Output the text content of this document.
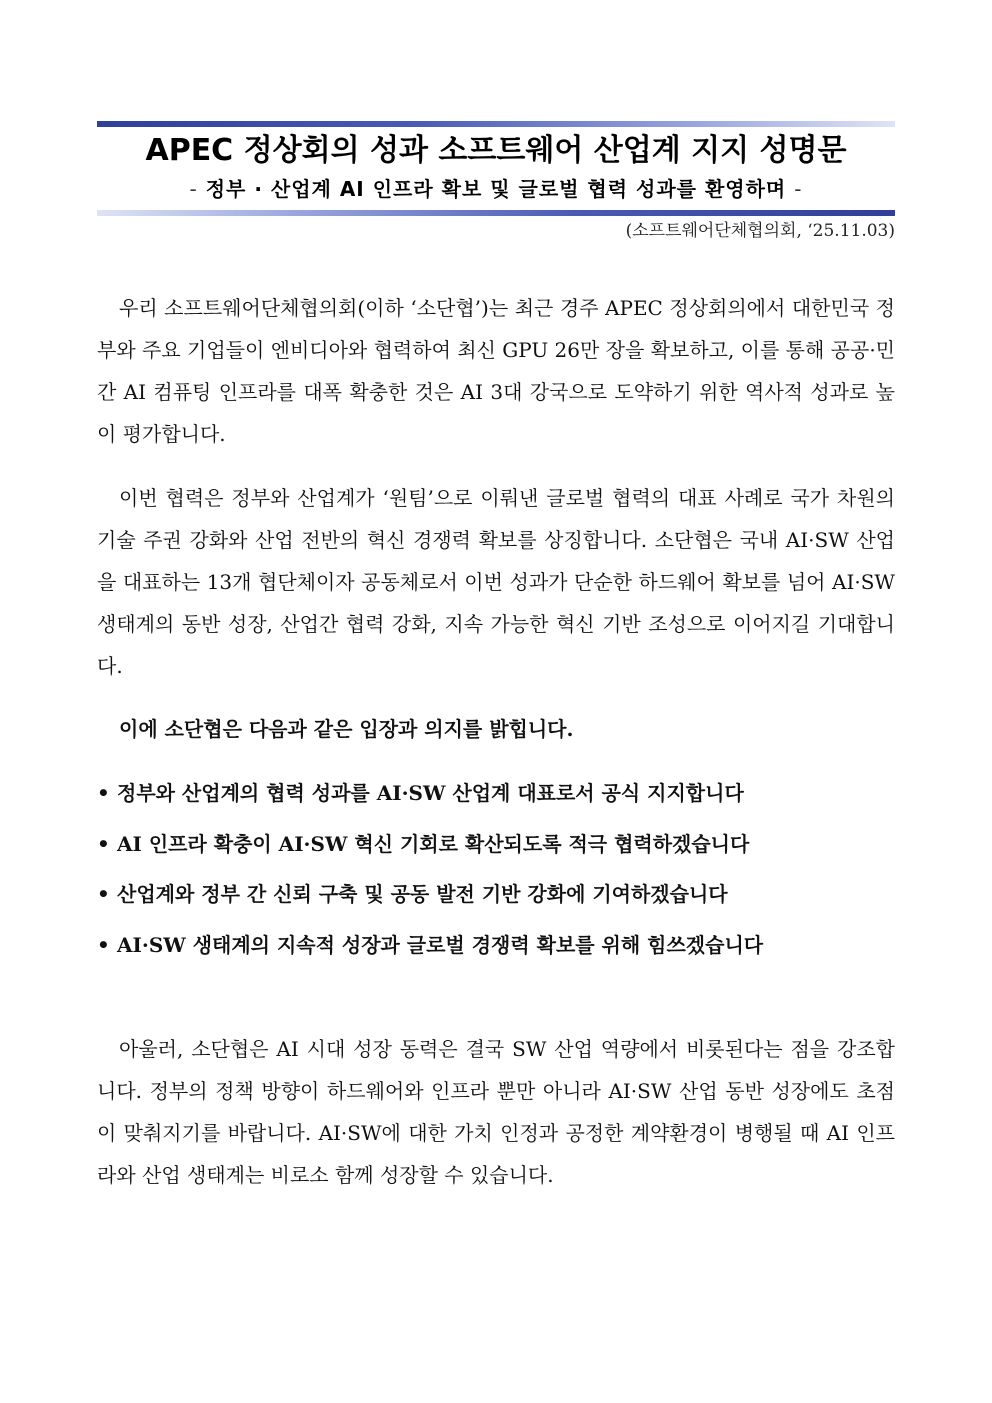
APEC 정상회의 성과 소프트웨어 산업계 지지 성명문
- 정부 · 산업계 AI 인프라 확보 및 글로벌 협력 성과를 환영하며 -
(소프트웨어단체협의회, ‘25.11.03)

우리 소프트웨어단체협의회(이하 ‘소단협’)는 최근 경주 APEC 정상회의에서 대한민국 정부와 주요 기업들이 엔비디아와 협력하여 최신 GPU 26만 장을 확보하고, 이를 통해 공공·민간 AI 컴퓨팅 인프라를 대폭 확충한 것은 AI 3대 강국으로 도약하기 위한 역사적 성과로 높이 평가합니다.

이번 협력은 정부와 산업계가 ‘원팀’으로 이뤄낸 글로벌 협력의 대표 사례로 국가 차원의 기술 주권 강화와 산업 전반의 혁신 경쟁력 확보를 상징합니다. 소단협은 국내 AI·SW 산업을 대표하는 13개 협단체이자 공동체로서 이번 성과가 단순한 하드웨어 확보를 넘어 AI·SW 생태계의 동반 성장, 산업간 협력 강화, 지속 가능한 혁신 기반 조성으로 이어지길 기대합니다.

이에 소단협은 다음과 같은 입장과 의지를 밝힙니다.
• 정부와 산업계의 협력 성과를 AI·SW 산업계 대표로서 공식 지지합니다
• AI 인프라 확충이 AI·SW 혁신 기회로 확산되도록 적극 협력하겠습니다
• 산업계와 정부 간 신뢰 구축 및 공동 발전 기반 강화에 기여하겠습니다
• AI·SW 생태계의 지속적 성장과 글로벌 경쟁력 확보를 위해 힘쓰겠습니다

아울러, 소단협은 AI 시대 성장 동력은 결국 SW 산업 역량에서 비롯된다는 점을 강조합니다. 정부의 정책 방향이 하드웨어와 인프라 뿐만 아니라 AI·SW 산업 동반 성장에도 초점이 맞춰지기를 바랍니다. AI·SW에 대한 가치 인정과 공정한 계약환경이 병행될 때 AI 인프라와 산업 생태계는 비로소 함께 성장할 수 있습니다.
